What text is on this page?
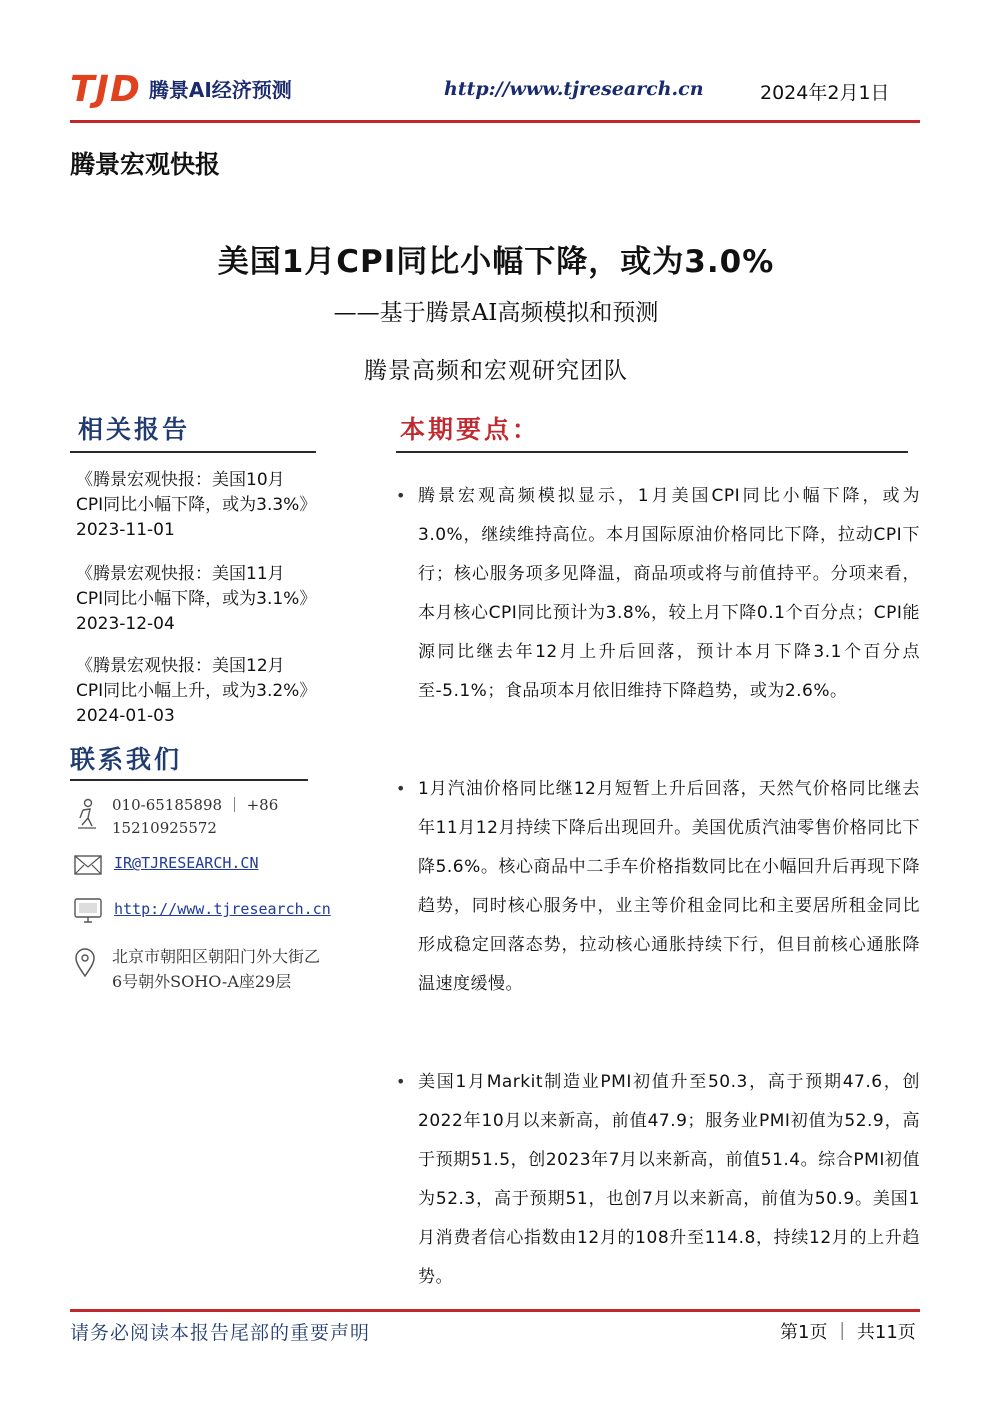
TJD 腾景AI经济预测	http://www.tjresearch.cn	2024年2月1日
腾景宏观快报
美国1月CPI同比小幅下降，或为3.0%
——基于腾景AI高频模拟和预测
腾景高频和宏观研究团队
相关报告
《腾景宏观快报：美国10月
CPI同比小幅下降，或为3.3%》
2023-11-01
《腾景宏观快报：美国11月
CPI同比小幅下降，或为3.1%》
2023-12-04
《腾景宏观快报：美国12月
CPI同比小幅上升，或为3.2%》
2024-01-03
联系我们
010-65185898 ｜ +86
15210925572
IR@TJRESEARCH.CN
http://www.tjresearch.cn
北京市朝阳区朝阳门外大街乙
6号朝外SOHO-A座29层
本期要点：
• 腾景宏观高频模拟显示，1月美国CPI同比小幅下降，或为3.0%，继续维持高位。本月国际原油价格同比下降，拉动CPI下行；核心服务项多见降温，商品项或将与前值持平。分项来看，本月核心CPI同比预计为3.8%，较上月下降0.1个百分点；CPI能源同比继去年12月上升后回落，预计本月下降3.1个百分点至-5.1%；食品项本月依旧维持下降趋势，或为2.6%。
• 1月汽油价格同比继12月短暂上升后回落，天然气价格同比继去年11月12月持续下降后出现回升。美国优质汽油零售价格同比下降5.6%。核心商品中二手车价格指数同比在小幅回升后再现下降趋势，同时核心服务中，业主等价租金同比和主要居所租金同比形成稳定回落态势，拉动核心通胀持续下行，但目前核心通胀降温速度缓慢。
• 美国1月Markit制造业PMI初值升至50.3，高于预期47.6，创2022年10月以来新高，前值47.9；服务业PMI初值为52.9，高于预期51.5，创2023年7月以来新高，前值51.4。综合PMI初值为52.3，高于预期51，也创7月以来新高，前值为50.9。美国1月消费者信心指数由12月的108升至114.8，持续12月的上升趋势。
请务必阅读本报告尾部的重要声明	第1页 ｜ 共11页
